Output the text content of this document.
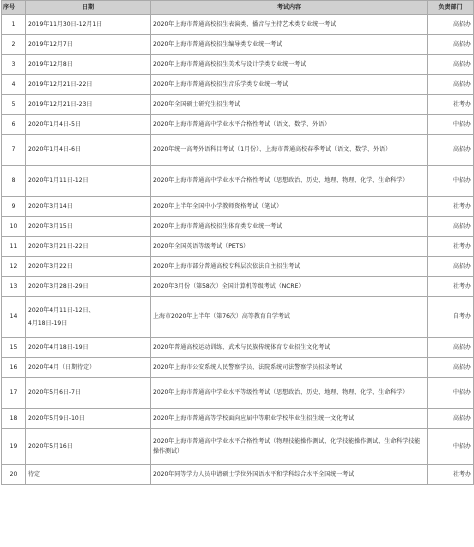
序号	日期	考试内容	负责部门
1	2019年11月30日-12月1日	2020年上海市普通高校招生表演类、播音与主持艺术类专业统一考试	高招办
2	2019年12月7日	2020年上海市普通高校招生编导类专业统一考试	高招办
3	2019年12月8日	2020年上海市普通高校招生美术与设计学类专业统一考试	高招办
4	2019年12月21日-22日	2020年上海市普通高校招生音乐学类专业统一考试	高招办
5	2019年12月21日-23日	2020年全国硕士研究生招生考试	社考办
6	2020年1月4日-5日	2020年上海市普通高中学业水平合格性考试（语文、数学、外语）	中招办
7	2020年1月4日-6日	2020年统一高考外语科目考试（1月份）、上海市普通高校春季考试（语文、数学、外语）	高招办
8	2020年1月11日-12日	2020年上海市普通高中学业水平合格性考试（思想政治、历史、地理、物理、化学、生命科学）	中招办
9	2020年3月14日	2020年上半年全国中小学教师资格考试（笔试）	社考办
10	2020年3月15日	2020年上海市普通高校招生体育类专业统一考试	高招办
11	2020年3月21日-22日	2020年全国英语等级考试（PETS）	社考办
12	2020年3月22日	2020年上海市部分普通高校专科层次依法自主招生考试	高招办
13	2020年3月28日-29日	2020年3月份（第58次）全国计算机等级考试（NCRE）	社考办
14	2020年4月11日-12日、
4月18日-19日	上海市2020年上半年（第76次）高等教育自学考试	自考办
15	2020年4月18日-19日	2020年普通高校运动训练、武术与民族传统体育专业招生文化考试	高招办
16	2020年4月（日期待定）	2020年上海市公安系统人民警察学员、法院系统司法警察学员招录考试	高招办
17	2020年5月6日-7日	2020年上海市普通高中学业水平等级性考试（思想政治、历史、地理、物理、化学、生命科学）	中招办
18	2020年5月9日-10日	2020年上海市普通高等学校面向应届中等职业学校毕业生招生统一文化考试	高招办
19	2020年5月16日	2020年上海市普通高中学业水平合格性考试（物理技能操作测试、化学技能操作测试、生命科学技能操作测试）	中招办
20	待定	2020年同等学力人员申请硕士学位外国语水平和学科综合水平全国统一考试	社考办
